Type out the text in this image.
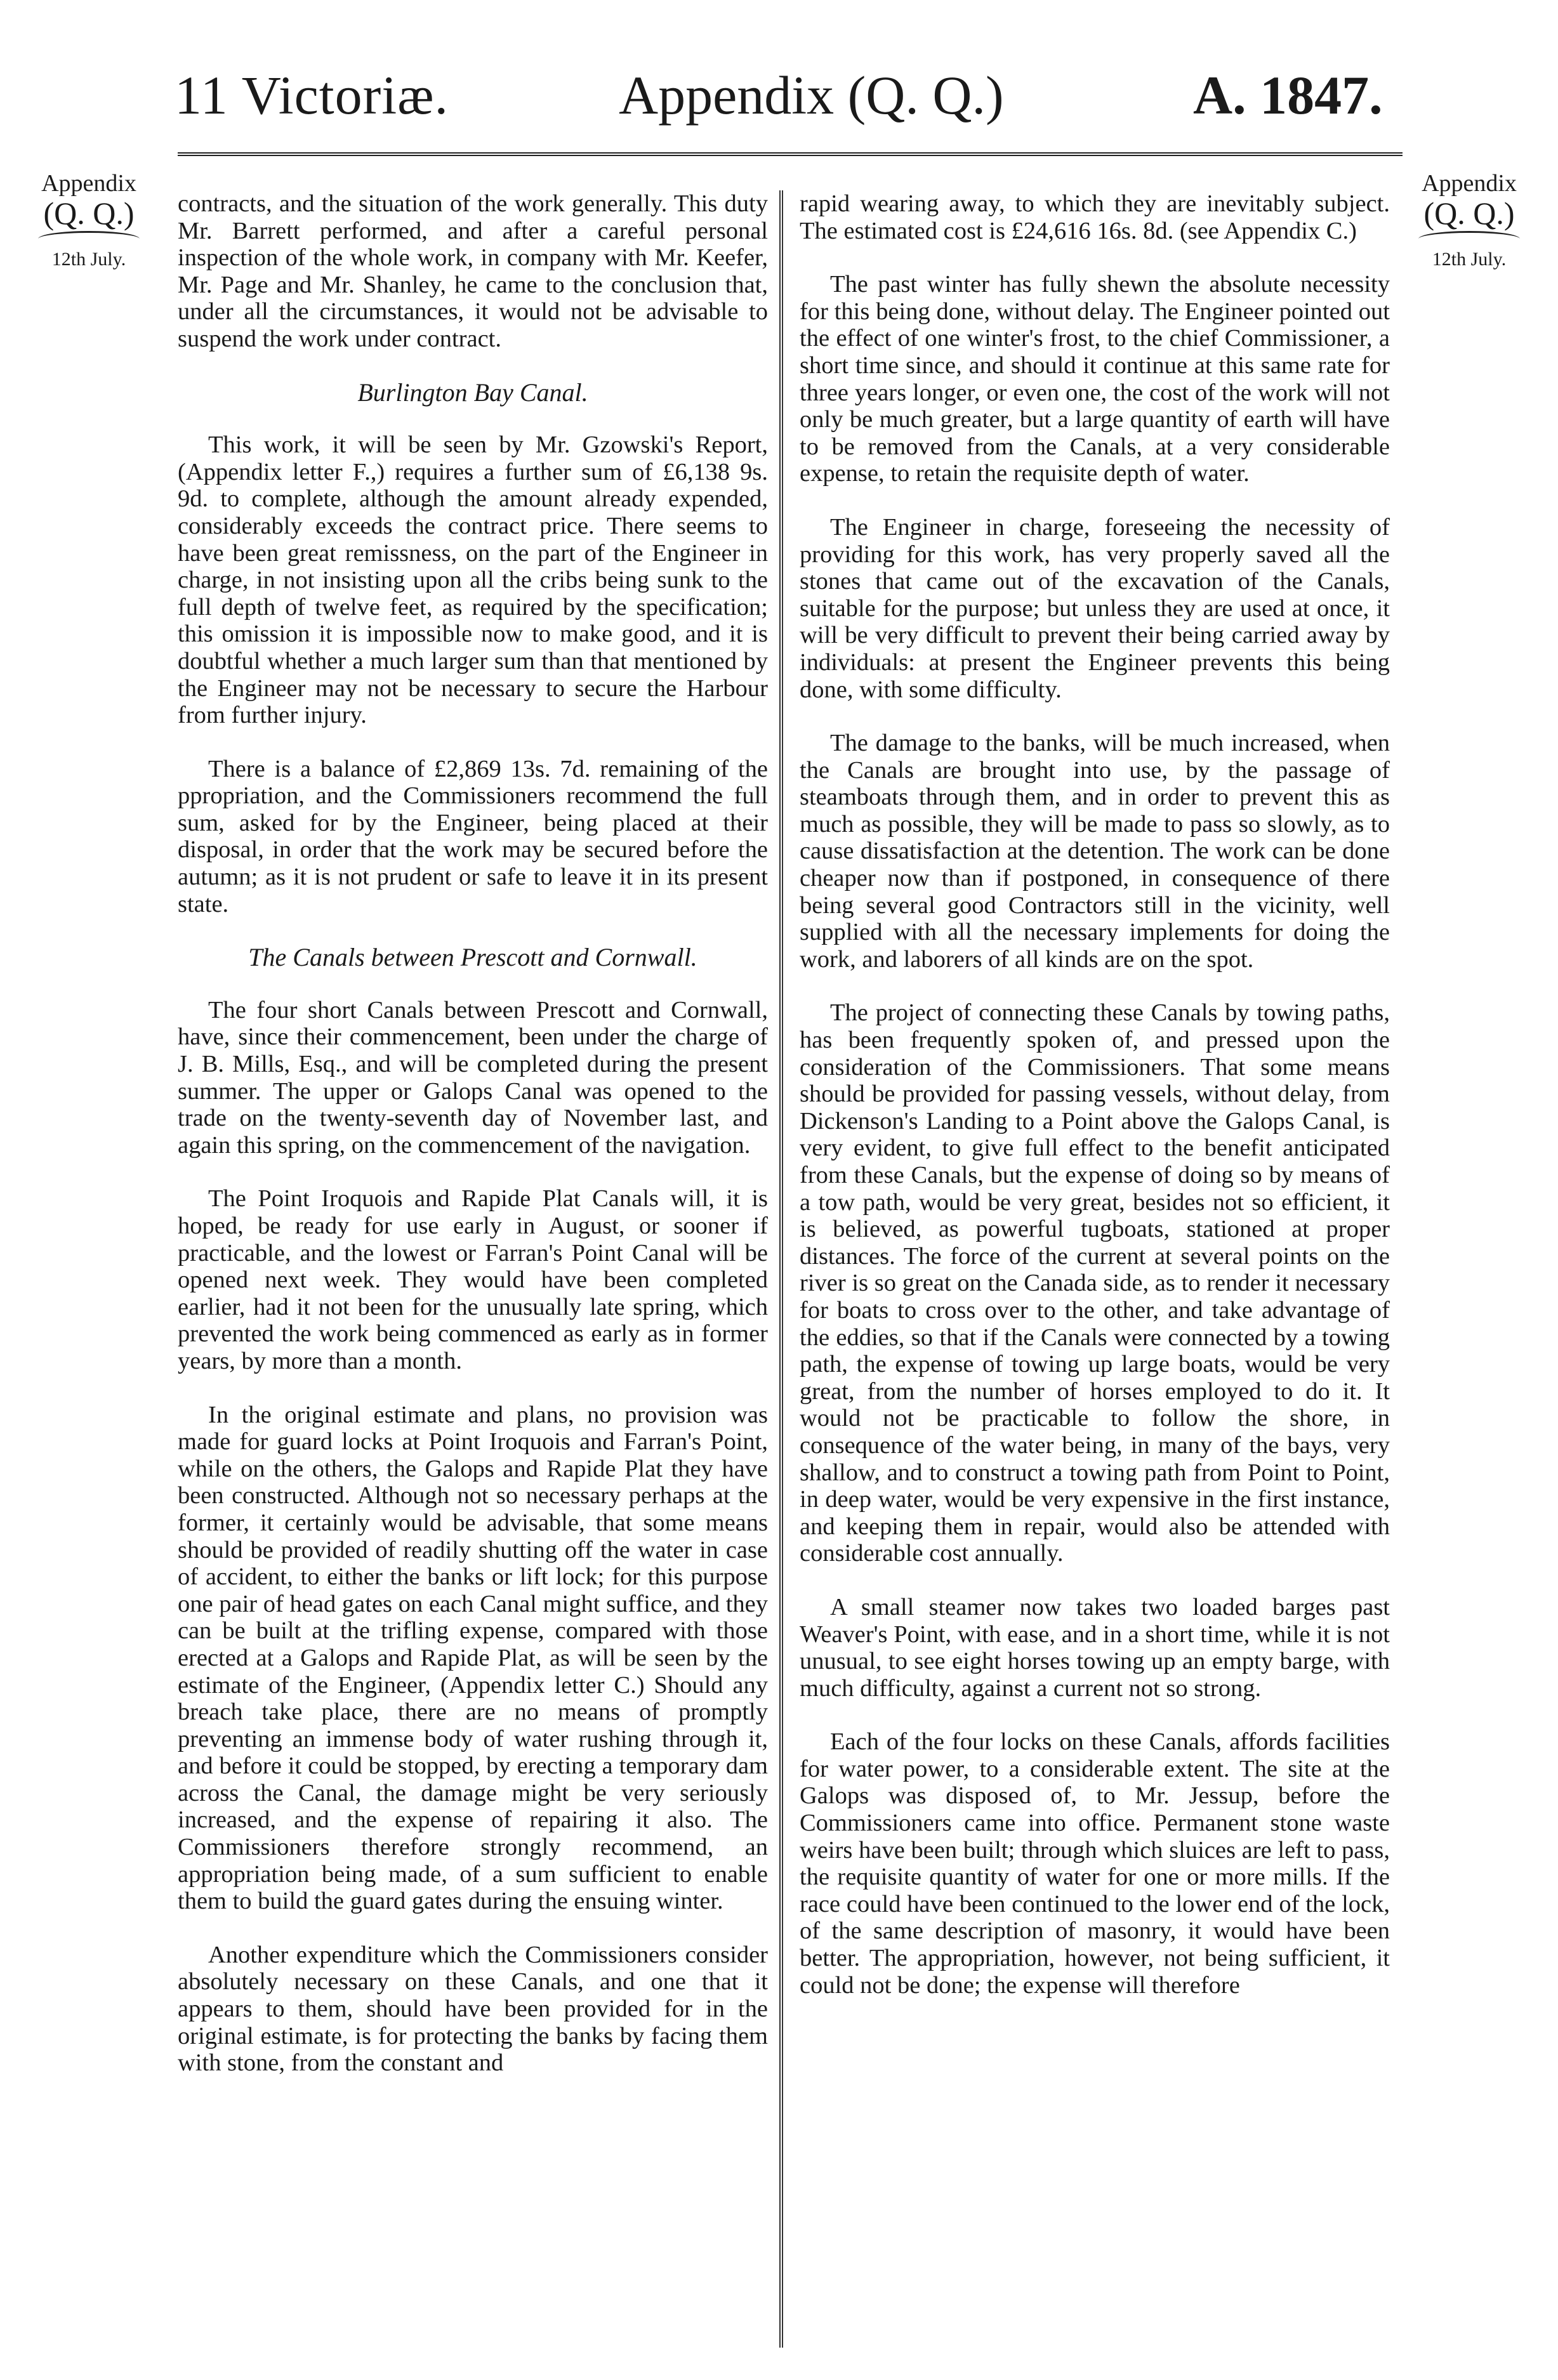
11 Victoriæ.	Appendix (Q. Q.)	A. 1847.
Appendix
(Q. Q.)
12th July.
Appendix
(Q. Q.)
12th July.

contracts, and the situation of the work generally. This duty Mr. Barrett performed, and after a careful personal inspection of the whole work, in company with Mr. Keefer, Mr. Page and Mr. Shanley, he came to the conclusion that, under all the circumstances, it would not be advisable to suspend the work under contract.

Burlington Bay Canal.

This work, it will be seen by Mr. Gzowski's Report, (Appendix letter F.,) requires a further sum of £6,138 9s. 9d. to complete, although the amount already expended, considerably exceeds the contract price. There seems to have been great remissness, on the part of the Engineer in charge, in not insisting upon all the cribs being sunk to the full depth of twelve feet, as required by the specification; this omission it is impossible now to make good, and it is doubtful whether a much larger sum than that mentioned by the Engineer may not be necessary to secure the Harbour from further injury.

There is a balance of £2,869 13s. 7d. remaining of the ppropriation, and the Commissioners recommend the full sum, asked for by the Engineer, being placed at their disposal, in order that the work may be secured before the autumn; as it is not prudent or safe to leave it in its present state.

The Canals between Prescott and Cornwall.

The four short Canals between Prescott and Cornwall, have, since their commencement, been under the charge of J. B. Mills, Esq., and will be completed during the present summer. The upper or Galops Canal was opened to the trade on the twenty-seventh day of November last, and again this spring, on the commencement of the navigation.

The Point Iroquois and Rapide Plat Canals will, it is hoped, be ready for use early in August, or sooner if practicable, and the lowest or Farran's Point Canal will be opened next week. They would have been completed earlier, had it not been for the unusually late spring, which prevented the work being commenced as early as in former years, by more than a month.

In the original estimate and plans, no provision was made for guard locks at Point Iroquois and Farran's Point, while on the others, the Galops and Rapide Plat they have been constructed. Although not so necessary perhaps at the former, it certainly would be advisable, that some means should be provided of readily shutting off the water in case of accident, to either the banks or lift lock; for this purpose one pair of head gates on each Canal might suffice, and they can be built at the trifling expense, compared with those erected at a Galops and Rapide Plat, as will be seen by the estimate of the Engineer, (Appendix letter C.) Should any breach take place, there are no means of promptly preventing an immense body of water rushing through it, and before it could be stopped, by erecting a temporary dam across the Canal, the damage might be very seriously increased, and the expense of repairing it also. The Commissioners therefore strongly recommend, an appropriation being made, of a sum sufficient to enable them to build the guard gates during the ensuing winter.

Another expenditure which the Commissioners consider absolutely necessary on these Canals, and one that it appears to them, should have been provided for in the original estimate, is for protecting the banks by facing them with stone, from the constant and

rapid wearing away, to which they are inevitably subject. The estimated cost is £24,616 16s. 8d. (see Appendix C.)

The past winter has fully shewn the absolute necessity for this being done, without delay. The Engineer pointed out the effect of one winter's frost, to the chief Commissioner, a short time since, and should it continue at this same rate for three years longer, or even one, the cost of the work will not only be much greater, but a large quantity of earth will have to be removed from the Canals, at a very considerable expense, to retain the requisite depth of water.

The Engineer in charge, foreseeing the necessity of providing for this work, has very properly saved all the stones that came out of the excavation of the Canals, suitable for the purpose; but unless they are used at once, it will be very difficult to prevent their being carried away by individuals: at present the Engineer prevents this being done, with some difficulty.

The damage to the banks, will be much increased, when the Canals are brought into use, by the passage of steamboats through them, and in order to prevent this as much as possible, they will be made to pass so slowly, as to cause dissatisfaction at the detention. The work can be done cheaper now than if postponed, in consequence of there being several good Contractors still in the vicinity, well supplied with all the necessary implements for doing the work, and laborers of all kinds are on the spot.

The project of connecting these Canals by towing paths, has been frequently spoken of, and pressed upon the consideration of the Commissioners. That some means should be provided for passing vessels, without delay, from Dickenson's Landing to a Point above the Galops Canal, is very evident, to give full effect to the benefit anticipated from these Canals, but the expense of doing so by means of a tow path, would be very great, besides not so efficient, it is believed, as powerful tugboats, stationed at proper distances. The force of the current at several points on the river is so great on the Canada side, as to render it necessary for boats to cross over to the other, and take advantage of the eddies, so that if the Canals were connected by a towing path, the expense of towing up large boats, would be very great, from the number of horses employed to do it. It would not be practicable to follow the shore, in consequence of the water being, in many of the bays, very shallow, and to construct a towing path from Point to Point, in deep water, would be very expensive in the first instance, and keeping them in repair, would also be attended with considerable cost annually.

A small steamer now takes two loaded barges past Weaver's Point, with ease, and in a short time, while it is not unusual, to see eight horses towing up an empty barge, with much difficulty, against a current not so strong.

Each of the four locks on these Canals, affords facilities for water power, to a considerable extent. The site at the Galops was disposed of, to Mr. Jessup, before the Commissioners came into office. Permanent stone waste weirs have been built; through which sluices are left to pass, the requisite quantity of water for one or more mills. If the race could have been continued to the lower end of the lock, of the same description of masonry, it would have been better. The appropriation, however, not being sufficient, it could not be done; the expense will therefore
